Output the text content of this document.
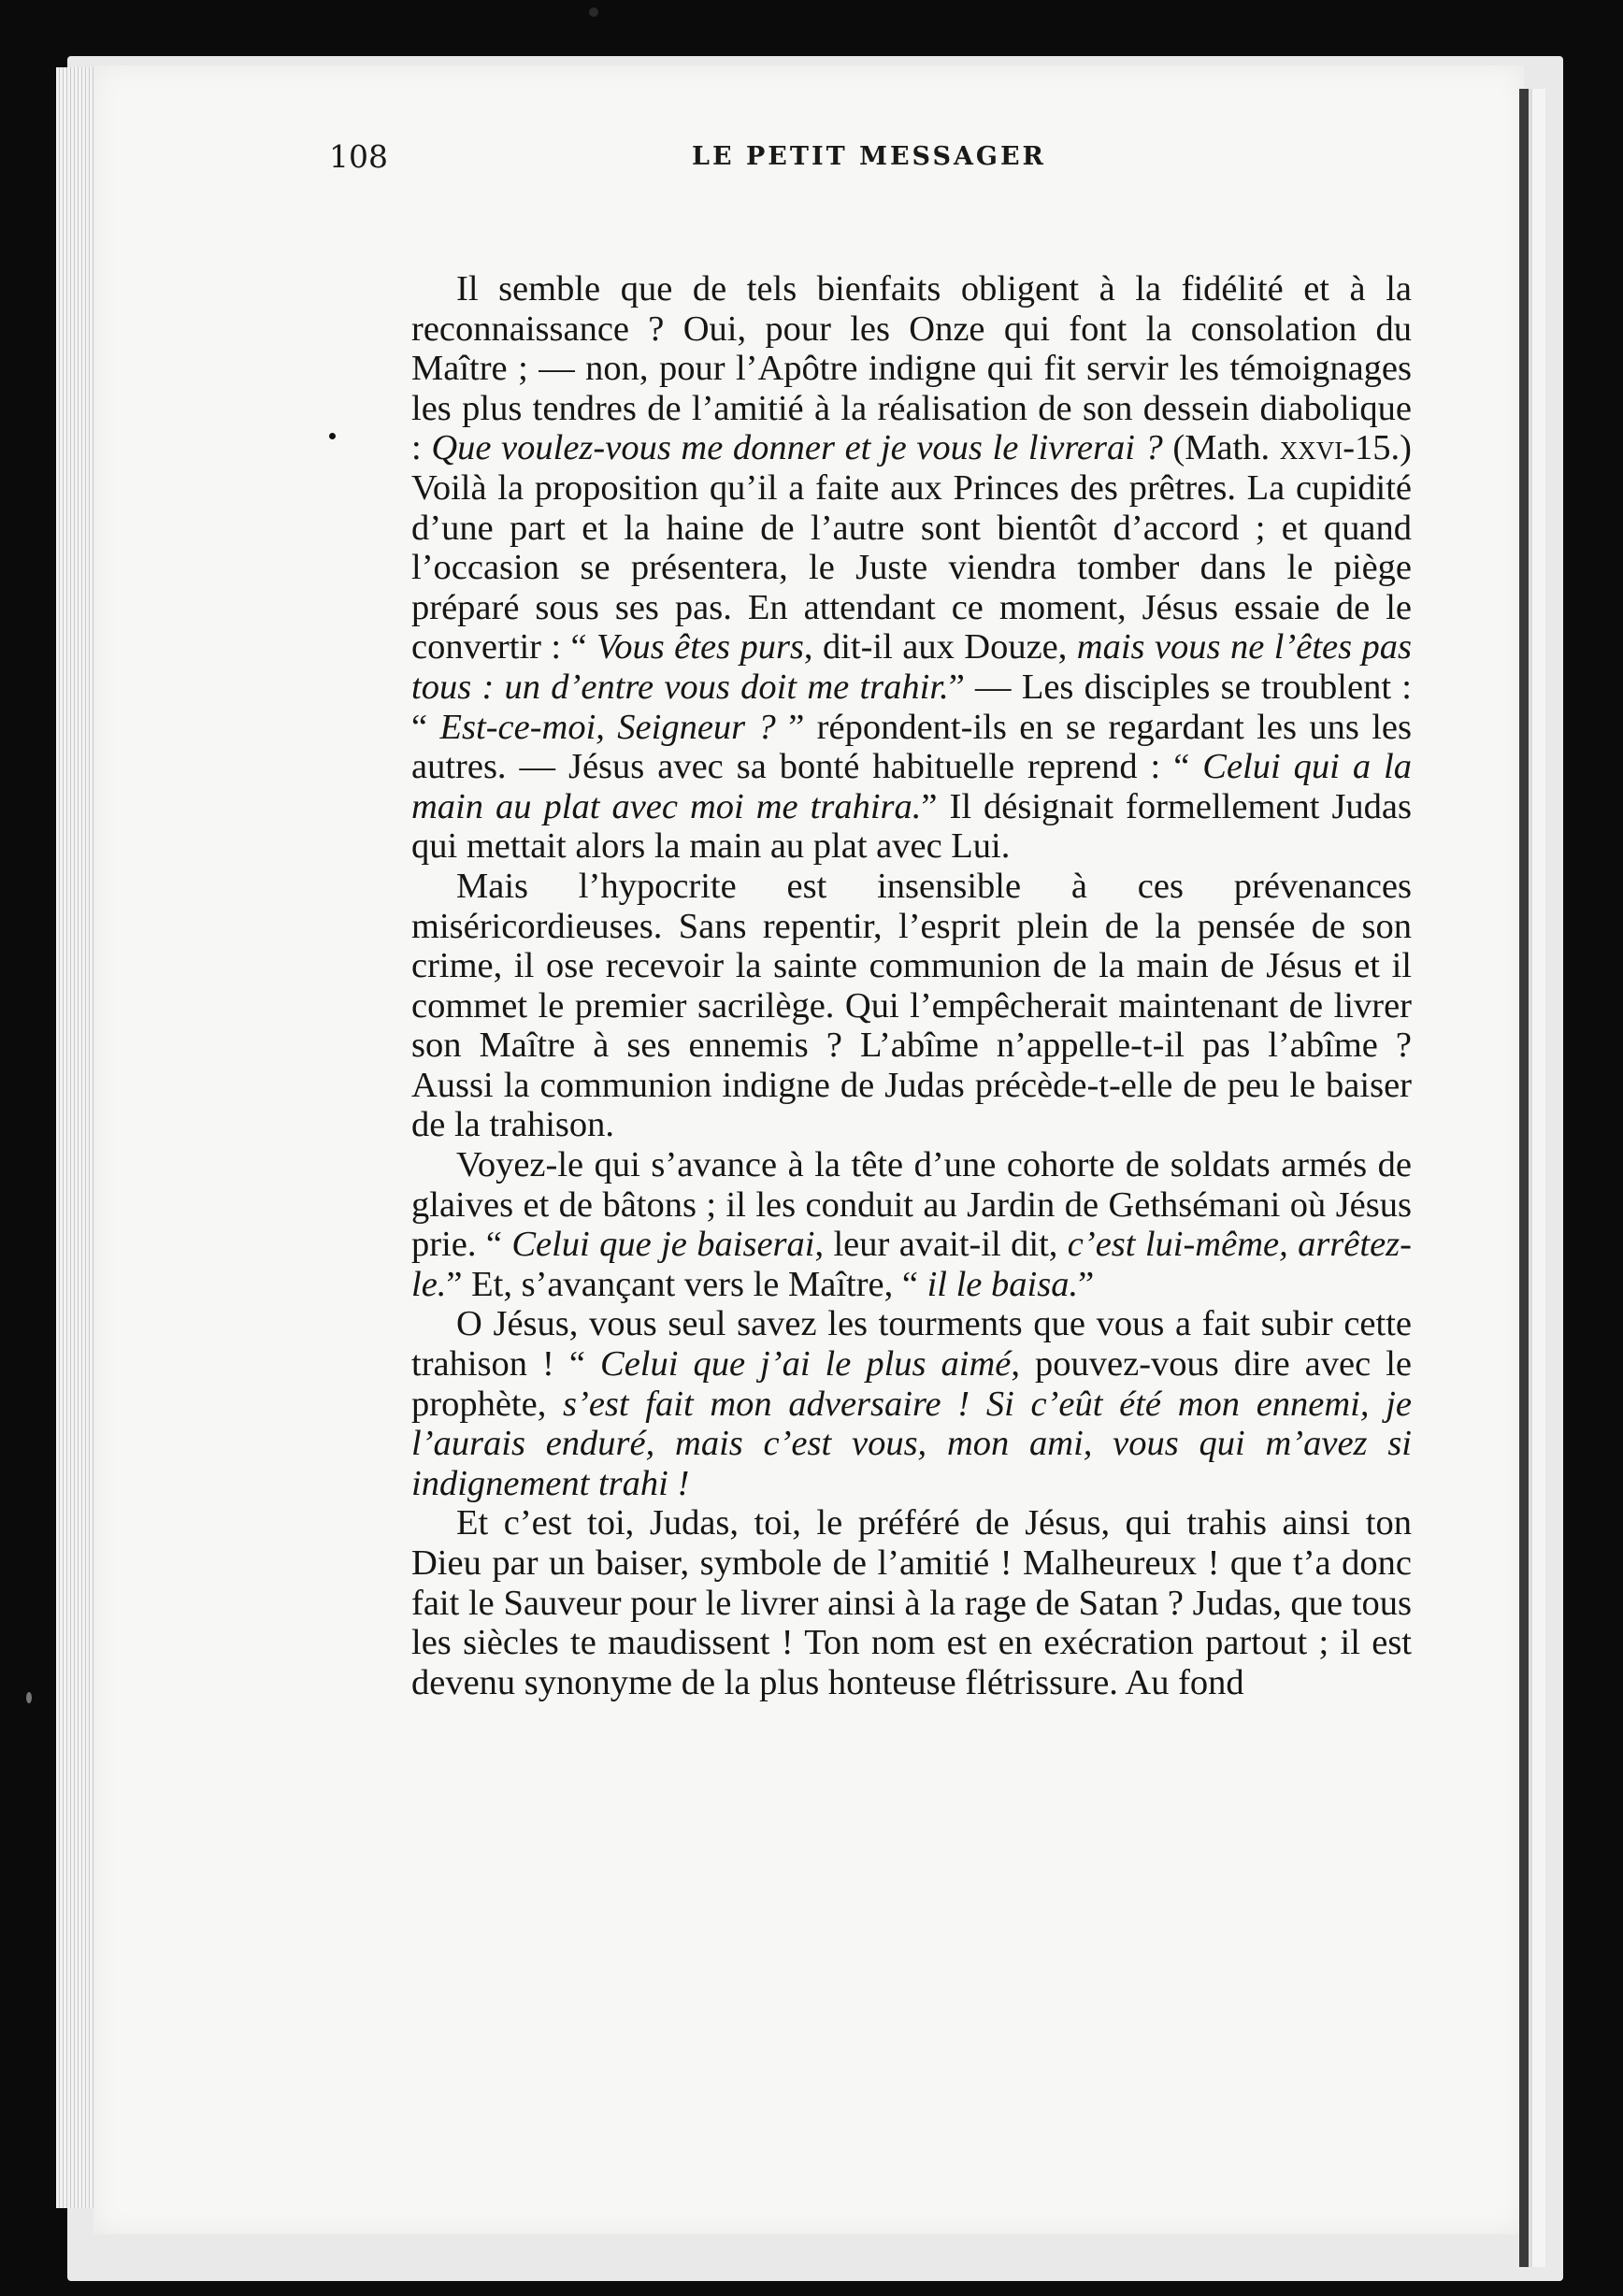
108	LE PETIT MESSAGER

Il semble que de tels bienfaits obligent à la fidélité et à la reconnaissance ? Oui, pour les Onze qui font la consolation du Maître ; — non, pour l’Apôtre indigne qui fit servir les témoignages les plus tendres de l’amitié à la réalisation de son dessein diabolique : Que voulez-vous me donner et je vous le livrerai ? (Math. xxvi-15.) Voilà la proposition qu’il a faite aux Princes des prêtres. La cupidité d’une part et la haine de l’autre sont bientôt d’accord ; et quand l’occasion se présentera, le Juste viendra tomber dans le piège préparé sous ses pas. En attendant ce moment, Jésus essaie de le convertir : “ Vous êtes purs, dit-il aux Douze, mais vous ne l’êtes pas tous : un d’entre vous doit me trahir.” — Les disciples se troublent : “ Est-ce-moi, Seigneur ? ” répondent-ils en se regardant les uns les autres. — Jésus avec sa bonté habituelle reprend : “ Celui qui a la main au plat avec moi me trahira.” Il désignait formellement Judas qui mettait alors la main au plat avec Lui.

Mais l’hypocrite est insensible à ces prévenances miséricordieuses. Sans repentir, l’esprit plein de la pensée de son crime, il ose recevoir la sainte communion de la main de Jésus et il commet le premier sacrilège. Qui l’empêcherait maintenant de livrer son Maître à ses ennemis ? L’abîme n’appelle-t-il pas l’abîme ? Aussi la communion indigne de Judas précède-t-elle de peu le baiser de la trahison.

Voyez-le qui s’avance à la tête d’une cohorte de soldats armés de glaives et de bâtons ; il les conduit au Jardin de Gethsémani où Jésus prie. “ Celui que je baiserai, leur avait-il dit, c’est lui-même, arrêtez-le.” Et, s’avançant vers le Maître, “ il le baisa.”

O Jésus, vous seul savez les tourments que vous a fait subir cette trahison ! “ Celui que j’ai le plus aimé, pouvez-vous dire avec le prophète, s’est fait mon adversaire ! Si c’eût été mon ennemi, je l’aurais enduré, mais c’est vous, mon ami, vous qui m’avez si indignement trahi !

Et c’est toi, Judas, toi, le préféré de Jésus, qui trahis ainsi ton Dieu par un baiser, symbole de l’amitié ! Malheureux ! que t’a donc fait le Sauveur pour le livrer ainsi à la rage de Satan ? Judas, que tous les siècles te maudissent ! Ton nom est en exécration partout ; il est devenu synonyme de la plus honteuse flétrissure. Au fond
